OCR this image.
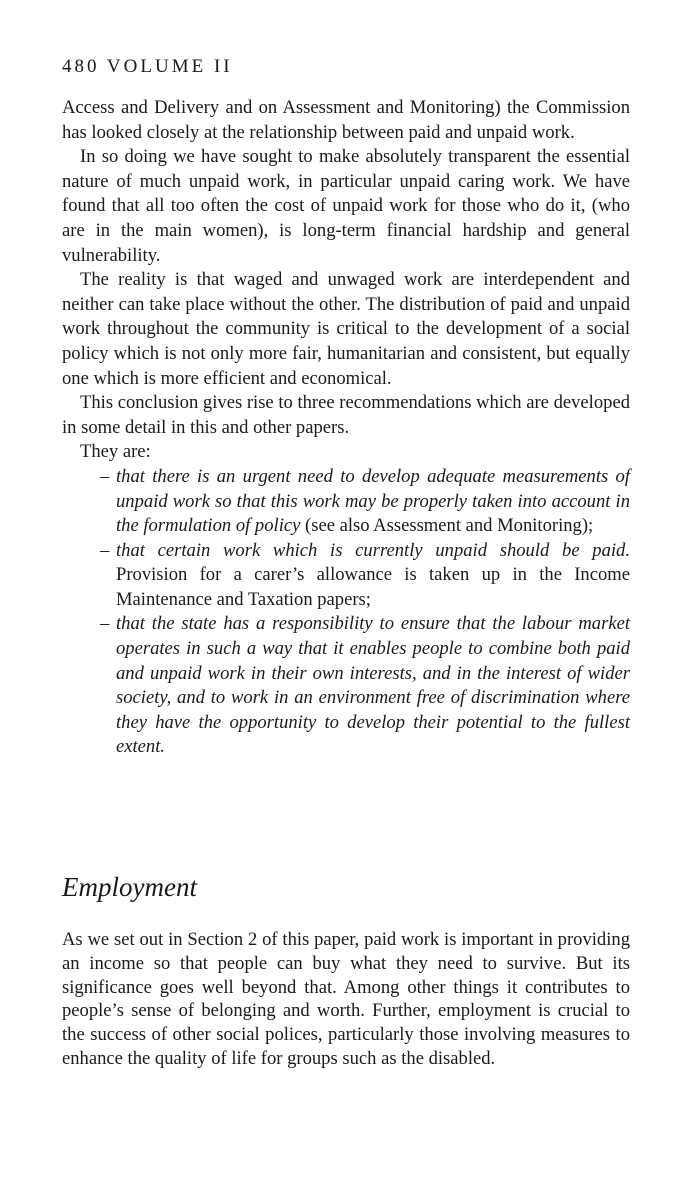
480 VOLUME II

Access and Delivery and on Assessment and Monitoring) the Commission has looked closely at the relationship between paid and unpaid work.

In so doing we have sought to make absolutely transparent the essential nature of much unpaid work, in particular unpaid caring work. We have found that all too often the cost of unpaid work for those who do it, (who are in the main women), is long-term financial hardship and general vulnerability.

The reality is that waged and unwaged work are interdependent and neither can take place without the other. The distribution of paid and unpaid work throughout the community is critical to the development of a social policy which is not only more fair, humanitarian and consistent, but equally one which is more efficient and economical.

This conclusion gives rise to three recommendations which are developed in some detail in this and other papers.

They are:

– that there is an urgent need to develop adequate measurements of unpaid work so that this work may be properly taken into account in the formulation of policy (see also Assessment and Monitoring);
– that certain work which is currently unpaid should be paid. Provision for a carer’s allowance is taken up in the Income Maintenance and Taxation papers;
– that the state has a responsibility to ensure that the labour market operates in such a way that it enables people to combine both paid and unpaid work in their own interests, and in the interest of wider society, and to work in an environment free of discrimination where they have the opportunity to develop their potential to the fullest extent.
Employment

As we set out in Section 2 of this paper, paid work is important in providing an income so that people can buy what they need to survive. But its significance goes well beyond that. Among other things it contributes to people’s sense of belonging and worth. Further, employment is crucial to the success of other social polices, particularly those involving measures to enhance the quality of life for groups such as the disabled.
